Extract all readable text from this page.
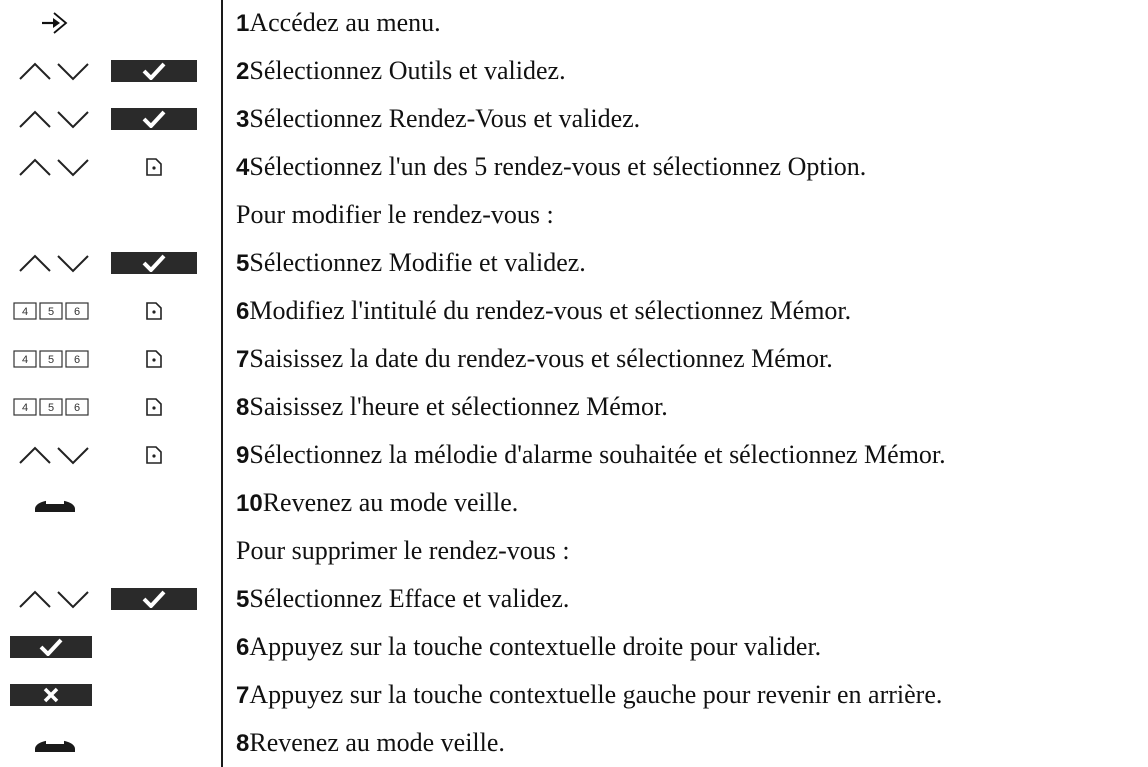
1Accédez au menu.
2Sélectionnez Outils et validez.
3Sélectionnez Rendez-Vous et validez.
4Sélectionnez l'un des 5 rendez-vous et sélectionnez Option.
Pour modifier le rendez-vous :
5Sélectionnez Modifie et validez.
4 5 6	6Modifiez l'intitulé du rendez-vous et sélectionnez Mémor.
4 5 6	7Saisissez la date du rendez-vous et sélectionnez Mémor.
4 5 6	8Saisissez l'heure et sélectionnez Mémor.
9Sélectionnez la mélodie d'alarme souhaitée et sélectionnez Mémor.
10Revenez au mode veille.
Pour supprimer le rendez-vous :
5Sélectionnez Efface et validez.
6Appuyez sur la touche contextuelle droite pour valider.
7Appuyez sur la touche contextuelle gauche pour revenir en arrière.
8Revenez au mode veille.
